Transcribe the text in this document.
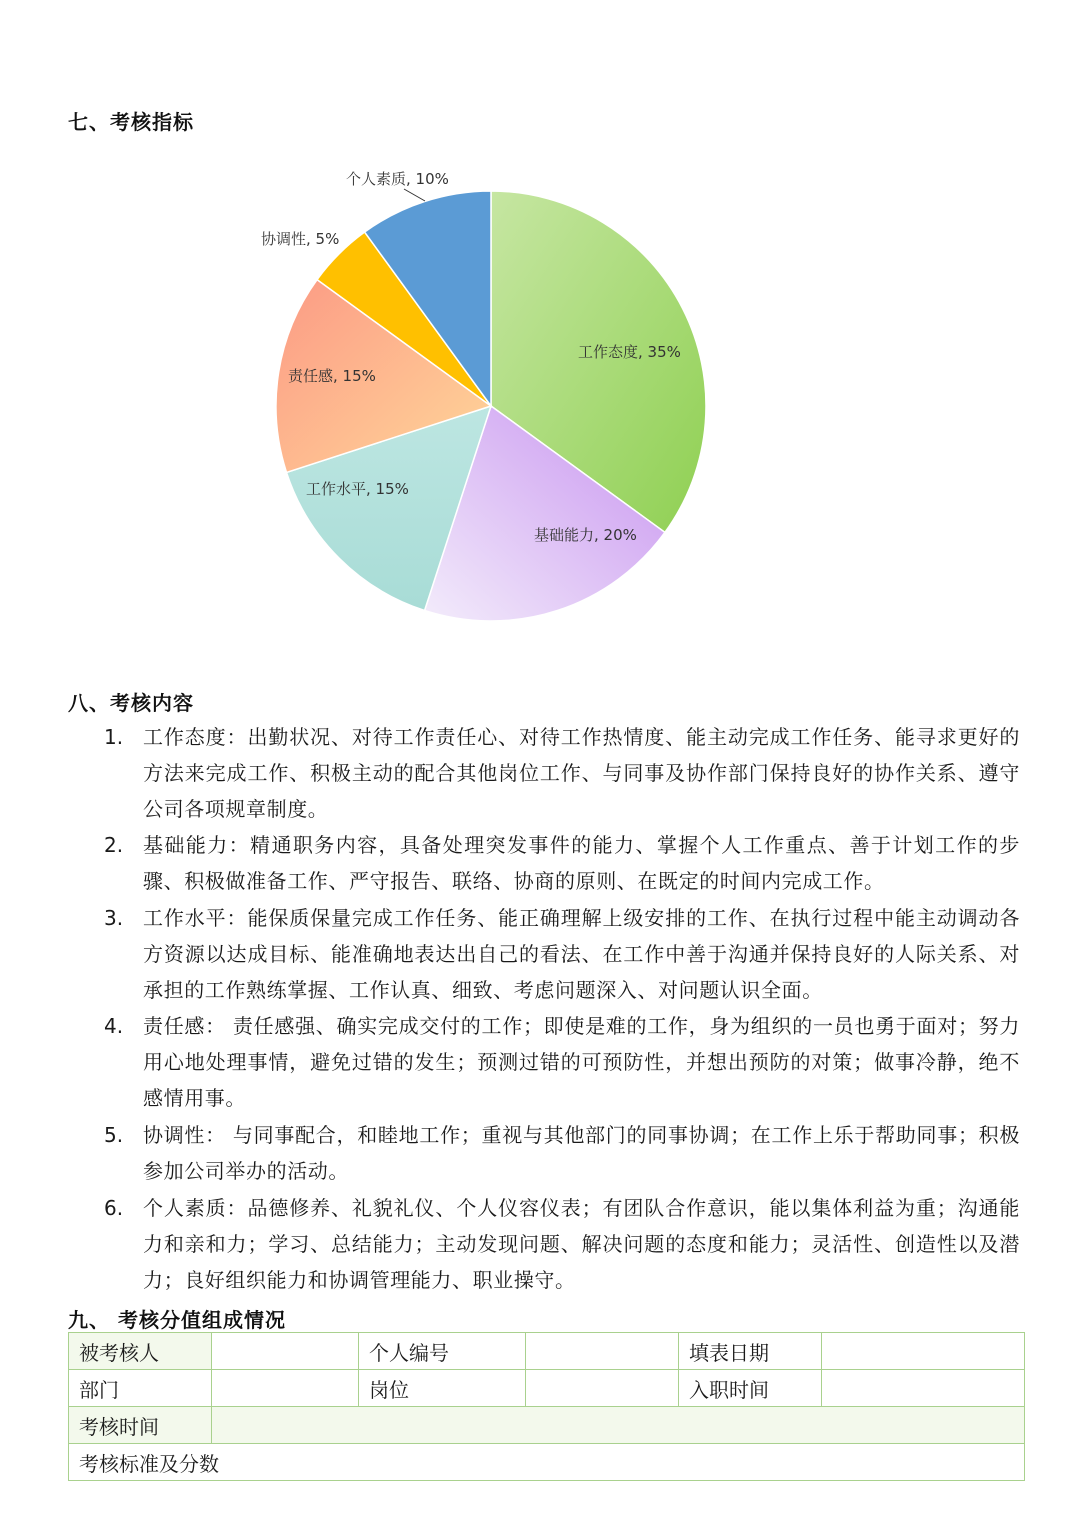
七、考核指标
工作态度, 35%
基础能力, 20%
工作水平, 15%
责任感, 15%
协调性, 5%
个人素质, 10%
八、考核内容
1. 工作态度：出勤状况、对待工作责任心、对待工作热情度、能主动完成工作任务、能寻求更好的方法来完成工作、积极主动的配合其他岗位工作、与同事及协作部门保持良好的协作关系、遵守公司各项规章制度。
2. 基础能力：精通职务内容，具备处理突发事件的能力、掌握个人工作重点、善于计划工作的步骤、积极做准备工作、严守报告、联络、协商的原则、在既定的时间内完成工作。
3. 工作水平：能保质保量完成工作任务、能正确理解上级安排的工作、在执行过程中能主动调动各方资源以达成目标、能准确地表达出自己的看法、在工作中善于沟通并保持良好的人际关系、对承担的工作熟练掌握、工作认真、细致、考虑问题深入、对问题认识全面。
4. 责任感： 责任感强、确实完成交付的工作；即使是难的工作，身为组织的一员也勇于面对；努力用心地处理事情，避免过错的发生；预测过错的可预防性，并想出预防的对策；做事冷静，绝不感情用事。
5. 协调性： 与同事配合，和睦地工作；重视与其他部门的同事协调；在工作上乐于帮助同事；积极参加公司举办的活动。
6. 个人素质：品德修养、礼貌礼仪、个人仪容仪表；有团队合作意识，能以集体利益为重；沟通能力和亲和力；学习、总结能力；主动发现问题、解决问题的态度和能力；灵活性、创造性以及潜力；良好组织能力和协调管理能力、职业操守。
九、 考核分值组成情况
被考核人		个人编号		填表日期	
部门		岗位		入职时间	
考核时间					
考核标准及分数					
